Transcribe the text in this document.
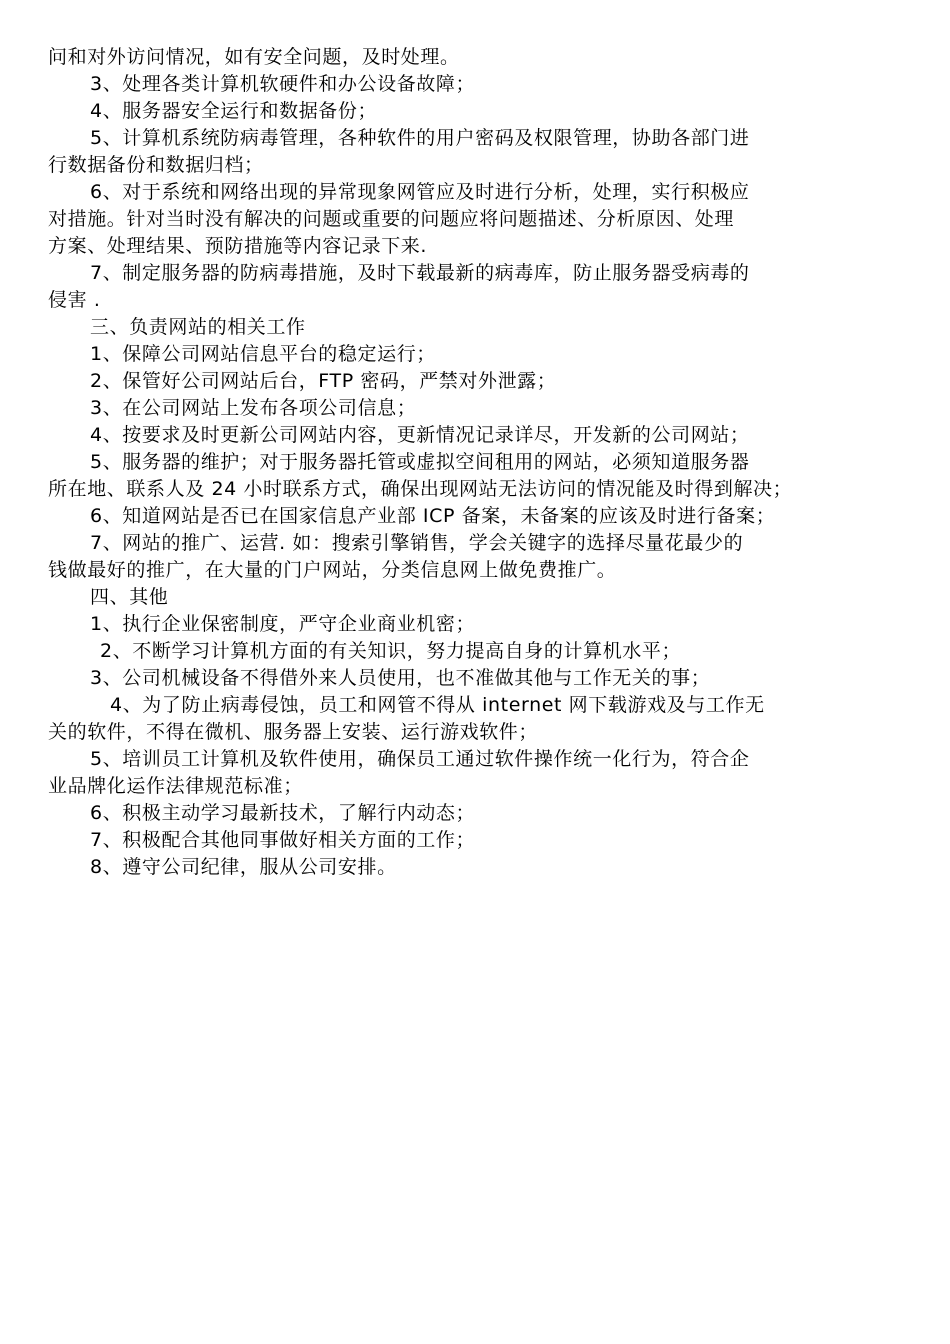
问和对外访问情况，如有安全问题，及时处理。
3、处理各类计算机软硬件和办公设备故障；
4、服务器安全运行和数据备份；
5、计算机系统防病毒管理，各种软件的用户密码及权限管理，协助各部门进
行数据备份和数据归档；
6、对于系统和网络出现的异常现象网管应及时进行分析，处理，实行积极应
对措施。针对当时没有解决的问题或重要的问题应将问题描述、分析原因、处理
方案、处理结果、预防措施等内容记录下来.
7、制定服务器的防病毒措施，及时下载最新的病毒库，防止服务器受病毒的
侵害 .
三、负责网站的相关工作
1、保障公司网站信息平台的稳定运行；
2、保管好公司网站后台，FTP 密码，严禁对外泄露；
3、在公司网站上发布各项公司信息；
4、按要求及时更新公司网站内容，更新情况记录详尽，开发新的公司网站；
5、服务器的维护；对于服务器托管或虚拟空间租用的网站，必须知道服务器
所在地、联系人及 24 小时联系方式，确保出现网站无法访问的情况能及时得到解决；
6、知道网站是否已在国家信息产业部 ICP 备案，未备案的应该及时进行备案；
7、网站的推广、运营. 如：搜索引擎销售，学会关键字的选择尽量花最少的
钱做最好的推广，在大量的门户网站，分类信息网上做免费推广。
四、其他
1、执行企业保密制度，严守企业商业机密；
2、不断学习计算机方面的有关知识，努力提高自身的计算机水平；
3、公司机械设备不得借外来人员使用，也不准做其他与工作无关的事；
4、为了防止病毒侵蚀，员工和网管不得从 internet 网下载游戏及与工作无
关的软件，不得在微机、服务器上安装、运行游戏软件；
5、培训员工计算机及软件使用，确保员工通过软件操作统一化行为，符合企
业品牌化运作法律规范标准；
6、积极主动学习最新技术，了解行内动态；
7、积极配合其他同事做好相关方面的工作；
8、遵守公司纪律，服从公司安排。
